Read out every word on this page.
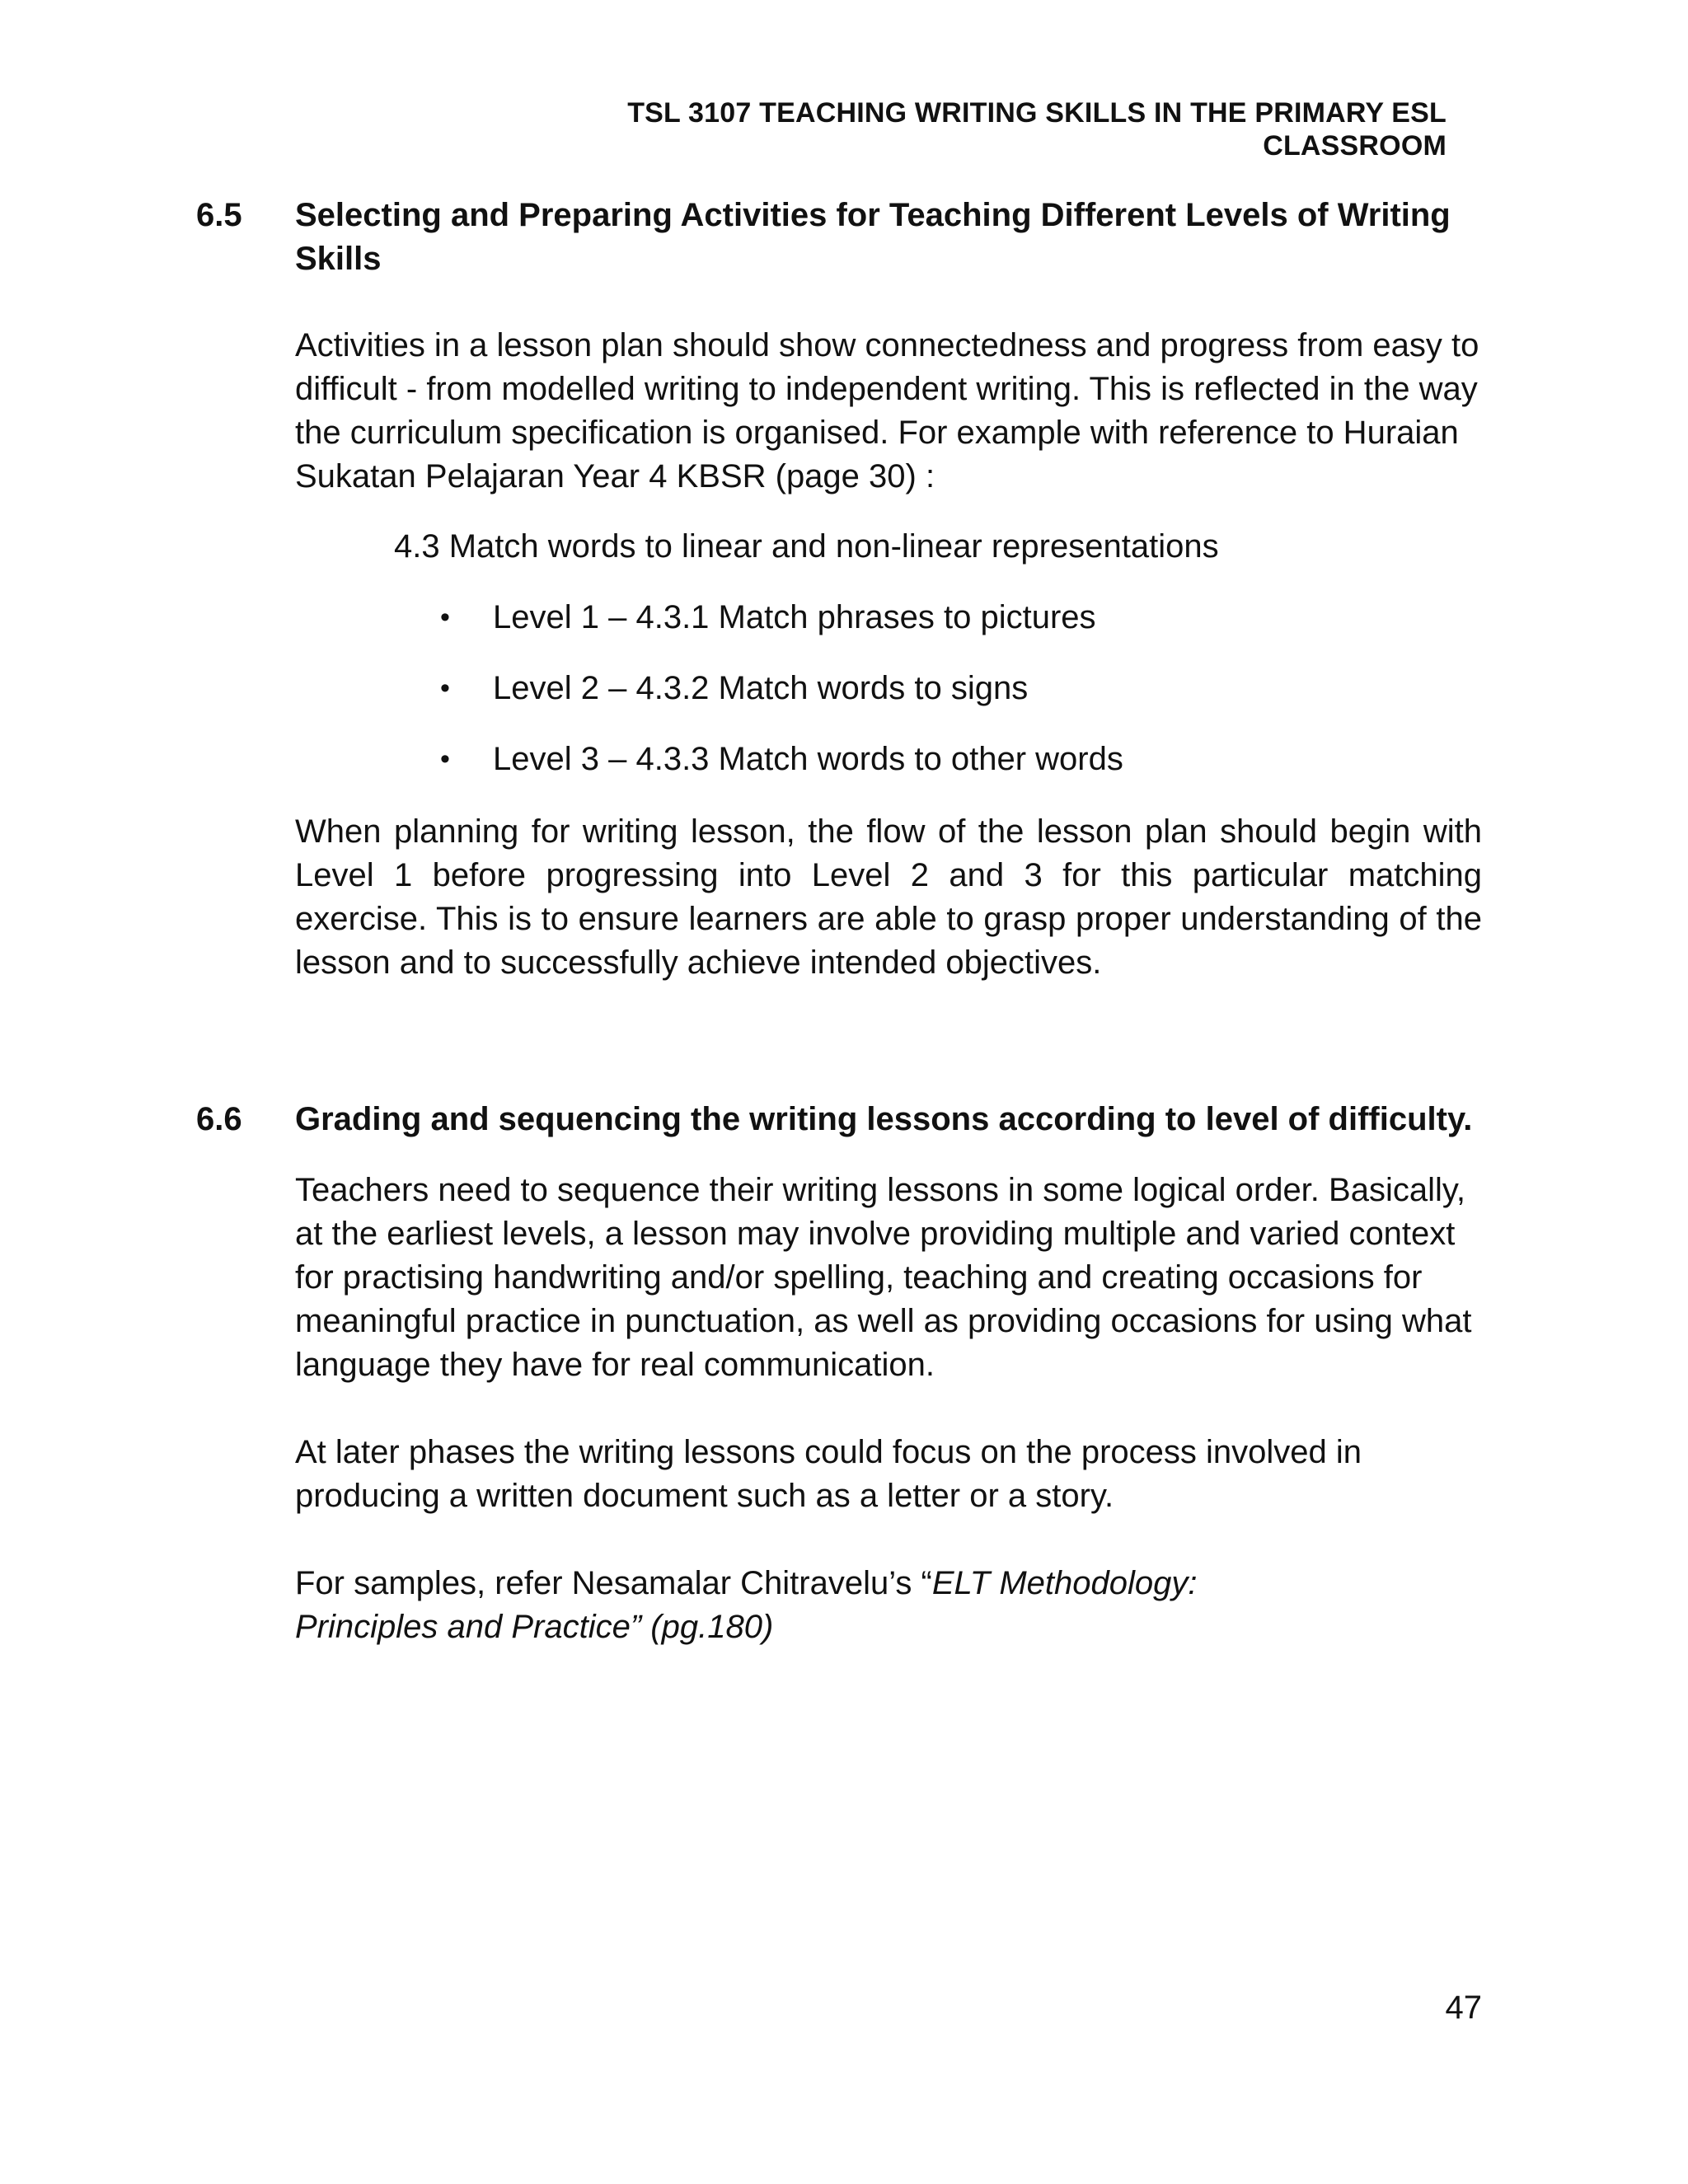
TSL 3107 TEACHING WRITING SKILLS IN THE PRIMARY ESL CLASSROOM
6.5 Selecting and Preparing Activities for Teaching Different Levels of Writing Skills

Activities in a lesson plan should show connectedness and progress from easy to difficult - from modelled writing to independent writing. This is reflected in the way the curriculum specification is organised. For example with reference to Huraian Sukatan Pelajaran Year 4 KBSR (page 30) :

4.3 Match words to linear and non-linear representations
• Level 1 – 4.3.1 Match phrases to pictures
• Level 2 – 4.3.2 Match words to signs
• Level 3 – 4.3.3 Match words to other words

When planning for writing lesson, the flow of the lesson plan should begin with Level 1 before progressing into Level 2 and 3 for this particular matching exercise. This is to ensure learners are able to grasp proper understanding of the lesson and to successfully achieve intended objectives.

6.6 Grading and sequencing the writing lessons according to level of difficulty.

Teachers need to sequence their writing lessons in some logical order. Basically, at the earliest levels, a lesson may involve providing multiple and varied context for practising handwriting and/or spelling, teaching and creating occasions for meaningful practice in punctuation, as well as providing occasions for using what language they have for real communication.

At later phases the writing lessons could focus on the process involved in producing a written document such as a letter or a story.

For samples, refer Nesamalar Chitravelu’s “ELT Methodology: Principles and Practice” (pg.180)

47
